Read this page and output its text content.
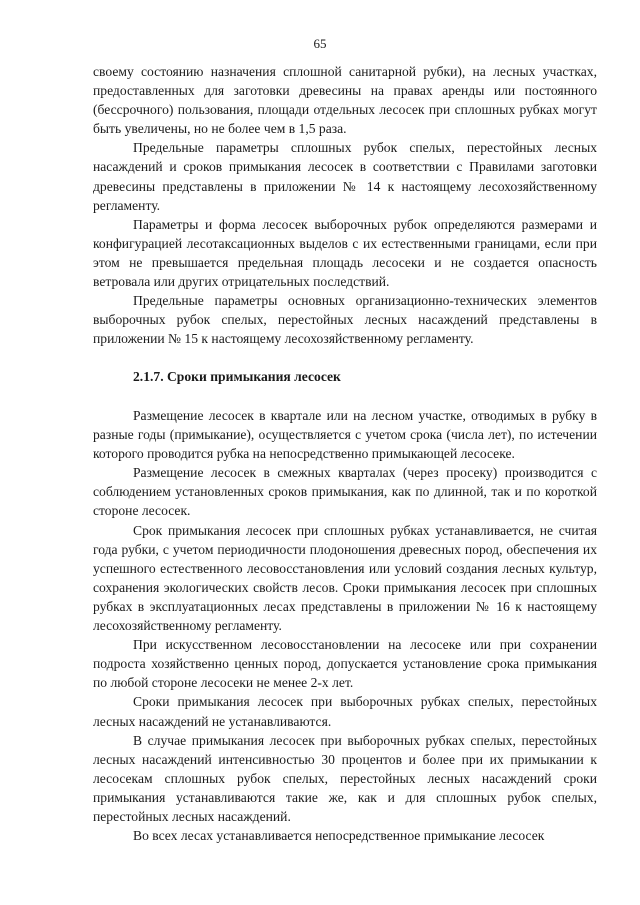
65

своему состоянию назначения сплошной санитарной рубки), на лесных участках, предоставленных для заготовки древесины на правах аренды или постоянного (бессрочного) пользования, площади отдельных лесосек при сплошных рубках могут быть увеличены, но не более чем в 1,5 раза.

Предельные параметры сплошных рубок спелых, перестойных лесных насаждений и сроков примыкания лесосек в соответствии с Правилами заготовки древесины представлены в приложении № 14 к настоящему лесохозяйственному регламенту.

Параметры и форма лесосек выборочных рубок определяются размерами и конфигурацией лесотаксационных выделов с их естественными границами, если при этом не превышается предельная площадь лесосеки и не создается опасность ветровала или других отрицательных последствий.

Предельные параметры основных организационно-технических элементов выборочных рубок спелых, перестойных лесных насаждений представлены в приложении № 15 к настоящему лесохозяйственному регламенту.

2.1.7. Сроки примыкания лесосек

Размещение лесосек в квартале или на лесном участке, отводимых в рубку в разные годы (примыкание), осуществляется с учетом срока (числа лет), по истечении которого проводится рубка на непосредственно примыкающей лесосеке.

Размещение лесосек в смежных кварталах (через просеку) производится с соблюдением установленных сроков примыкания, как по длинной, так и по короткой стороне лесосек.

Срок примыкания лесосек при сплошных рубках устанавливается, не считая года рубки, с учетом периодичности плодоношения древесных пород, обеспечения их успешного естественного лесовосстановления или условий создания лесных культур, сохранения экологических свойств лесов. Сроки примыкания лесосек при сплошных рубках в эксплуатационных лесах представлены в приложении № 16 к настоящему лесохозяйственному регламенту.

При искусственном лесовосстановлении на лесосеке или при сохранении подроста хозяйственно ценных пород, допускается установление срока примыкания по любой стороне лесосеки не менее 2-х лет.

Сроки примыкания лесосек при выборочных рубках спелых, перестойных лесных насаждений не устанавливаются.

В случае примыкания лесосек при выборочных рубках спелых, перестойных лесных насаждений интенсивностью 30 процентов и более при их примыкании к лесосекам сплошных рубок спелых, перестойных лесных насаждений сроки примыкания устанавливаются такие же, как и для сплошных рубок спелых, перестойных лесных насаждений.

Во всех лесах устанавливается непосредственное примыкание лесосек
